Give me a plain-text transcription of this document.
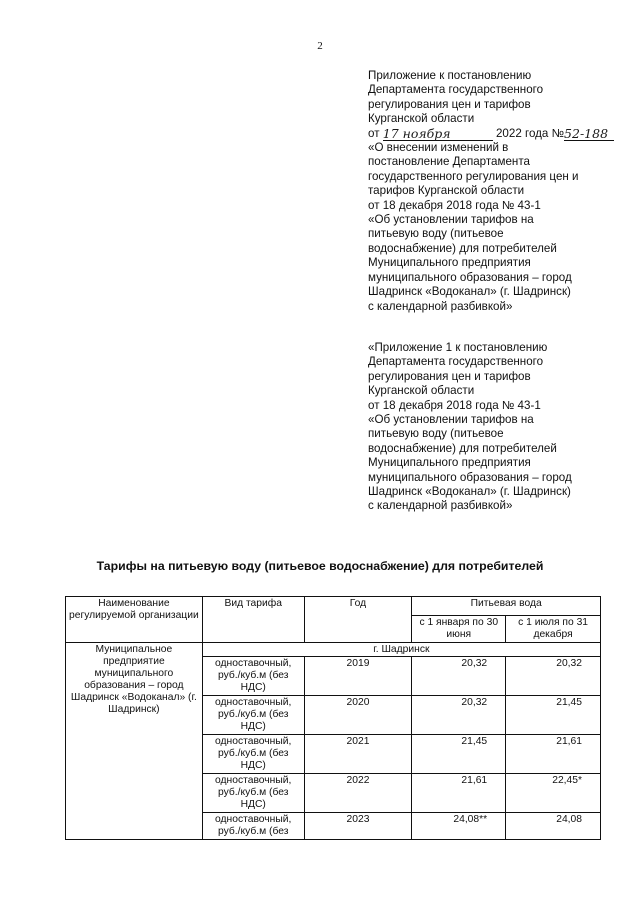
2
Приложение к постановлению
Департамента государственного
регулирования цен и тарифов
Курганской области
от 17 ноября	2022 года №52-188
«О внесении изменений в
постановление Департамента
государственного регулирования цен и
тарифов Курганской области
от 18 декабря 2018 года № 43-1
«Об установлении тарифов на
питьевую воду (питьевое
водоснабжение) для потребителей
Муниципального предприятия
муниципального образования – город
Шадринск «Водоканал» (г. Шадринск)
с календарной разбивкой»
«Приложение 1 к постановлению
Департамента государственного
регулирования цен и тарифов
Курганской области
от 18 декабря 2018 года № 43-1
«Об установлении тарифов на
питьевую воду (питьевое
водоснабжение) для потребителей
Муниципального предприятия
муниципального образования – город
Шадринск «Водоканал» (г. Шадринск)
с календарной разбивкой»
Тарифы на питьевую воду (питьевое водоснабжение) для потребителей
Наименование регулируемой организации	Вид тарифа	Год	Питьевая вода	
			с 1 января по 30 июня	с 1 июля по 31 декабря
Муниципальное предприятие муниципального образования – город Шадринск «Водоканал» (г. Шадринск)	г. Шадринск			
	одноставочный, руб./куб.м (без НДС)	2019	20,32	20,32
	одноставочный, руб./куб.м (без НДС)	2020	20,32	21,45
	одноставочный, руб./куб.м (без НДС)	2021	21,45	21,61
	одноставочный, руб./куб.м (без НДС)	2022	21,61	22,45*
	одноставочный, руб./куб.м (без	2023	24,08**	24,08
